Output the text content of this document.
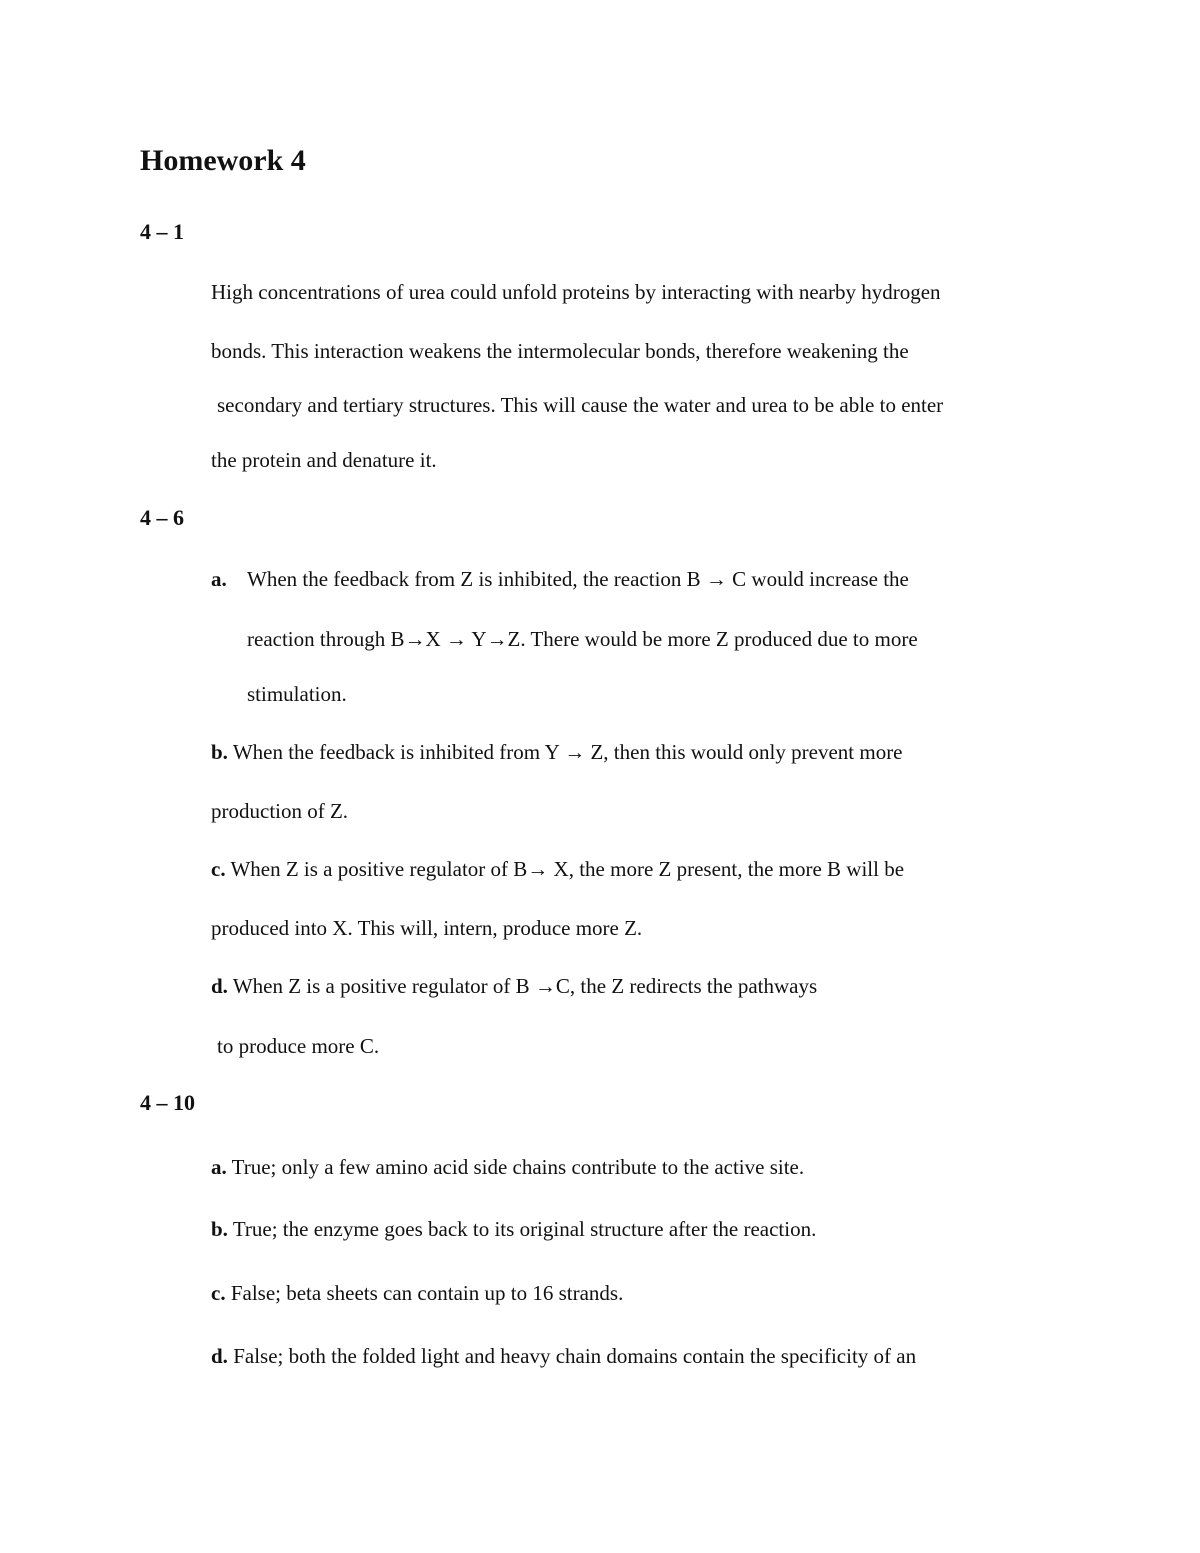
Homework 4
4 – 1
High concentrations of urea could unfold proteins by interacting with nearby hydrogen
bonds. This interaction weakens the intermolecular bonds, therefore weakening the
secondary and tertiary structures. This will cause the water and urea to be able to enter
the protein and denature it.
4 – 6
a. When the feedback from Z is inhibited, the reaction B → C would increase the
reaction through B→X → Y→Z. There would be more Z produced due to more
stimulation.
b. When the feedback is inhibited from Y → Z, then this would only prevent more
production of Z.
c. When Z is a positive regulator of B→ X, the more Z present, the more B will be
produced into X. This will, intern, produce more Z.
d. When Z is a positive regulator of B →C, the Z redirects the pathways
to produce more C.
4 – 10
a. True; only a few amino acid side chains contribute to the active site.
b. True; the enzyme goes back to its original structure after the reaction.
c. False; beta sheets can contain up to 16 strands.
d. False; both the folded light and heavy chain domains contain the specificity of an
